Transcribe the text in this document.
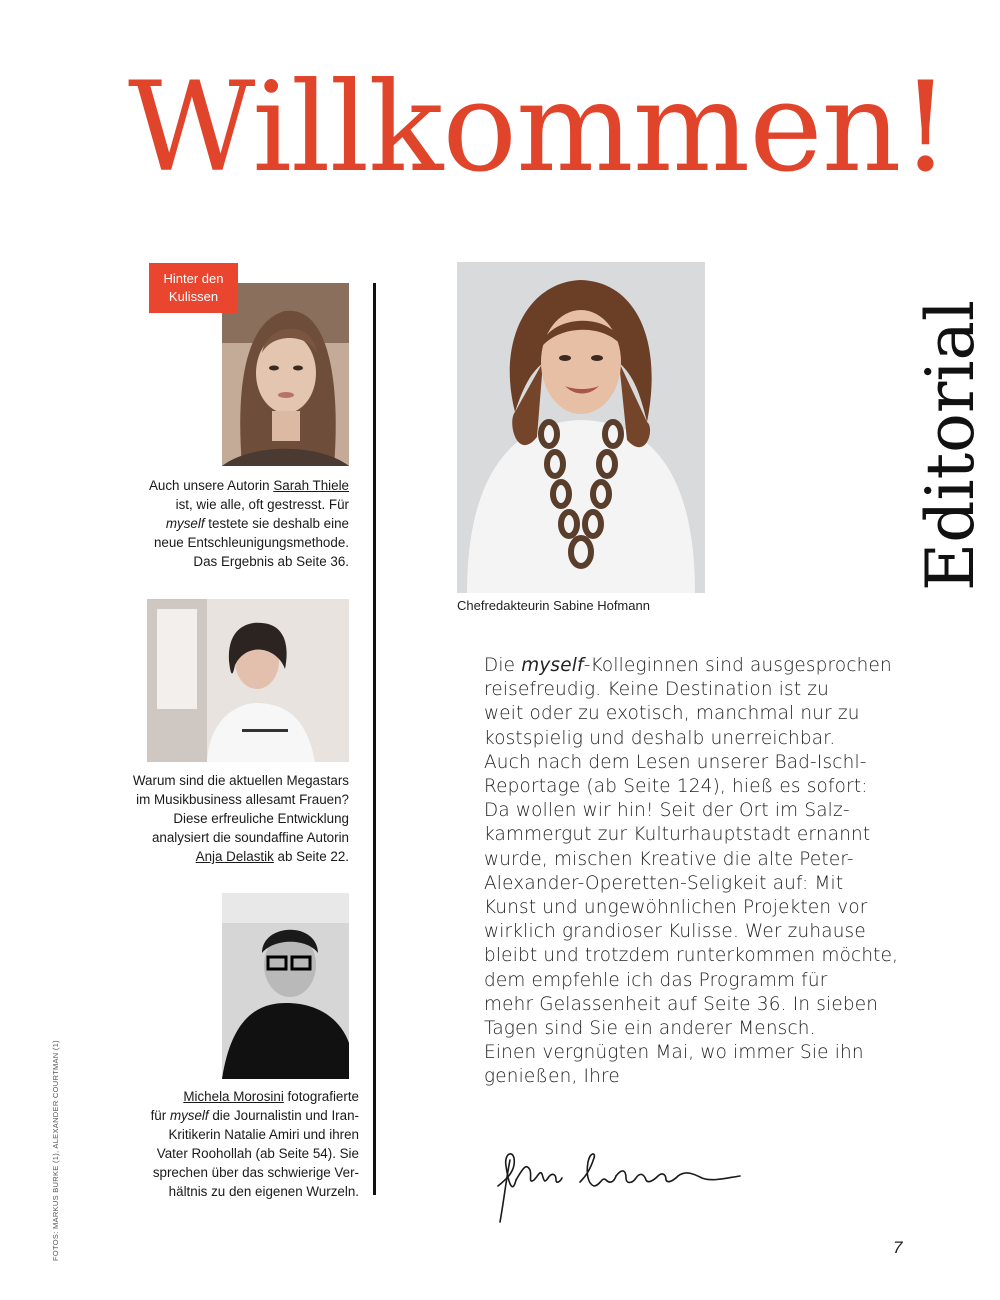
Willkommen!
Editorial
Hinter den
Kulissen

Auch unsere Autorin Sarah Thiele
ist, wie alle, oft gestresst. Für
myself testete sie deshalb eine
neue Entschleunigungsmethode.
Das Ergebnis ab Seite 36.

Warum sind die aktuellen Megastars
im Musikbusiness allesamt Frauen?
Diese erfreuliche Entwicklung
analysiert die soundaffine Autorin
Anja Delastik ab Seite 22.

Michela Morosini fotografierte
für myself die Journalistin und Iran-
Kritikerin Natalie Amiri und ihren
Vater Roohollah (ab Seite 54). Sie
sprechen über das schwierige Ver-
hältnis zu den eigenen Wurzeln.

FOTOS: MARKUS BURKE (1), ALEXANDER COURTMAN (1)
Chefredakteurin Sabine Hofmann

Die myself-Kolleginnen sind ausgesprochen
reisefreudig. Keine Destination ist zu
weit oder zu exotisch, manchmal nur zu
kostspielig und deshalb unerreichbar.
Auch nach dem Lesen unserer Bad-Ischl-
Reportage (ab Seite 124), hieß es sofort:
Da wollen wir hin! Seit der Ort im Salz-
kammergut zur Kulturhauptstadt ernannt
wurde, mischen Kreative die alte Peter-
Alexander-Operetten-Seligkeit auf: Mit
Kunst und ungewöhnlichen Projekten vor
wirklich grandioser Kulisse. Wer zuhause
bleibt und trotzdem runterkommen möchte,
dem empfehle ich das Programm für
mehr Gelassenheit auf Seite 36. In sieben
Tagen sind Sie ein anderer Mensch.
Einen vergnügten Mai, wo immer Sie ihn
genießen, Ihre

7
